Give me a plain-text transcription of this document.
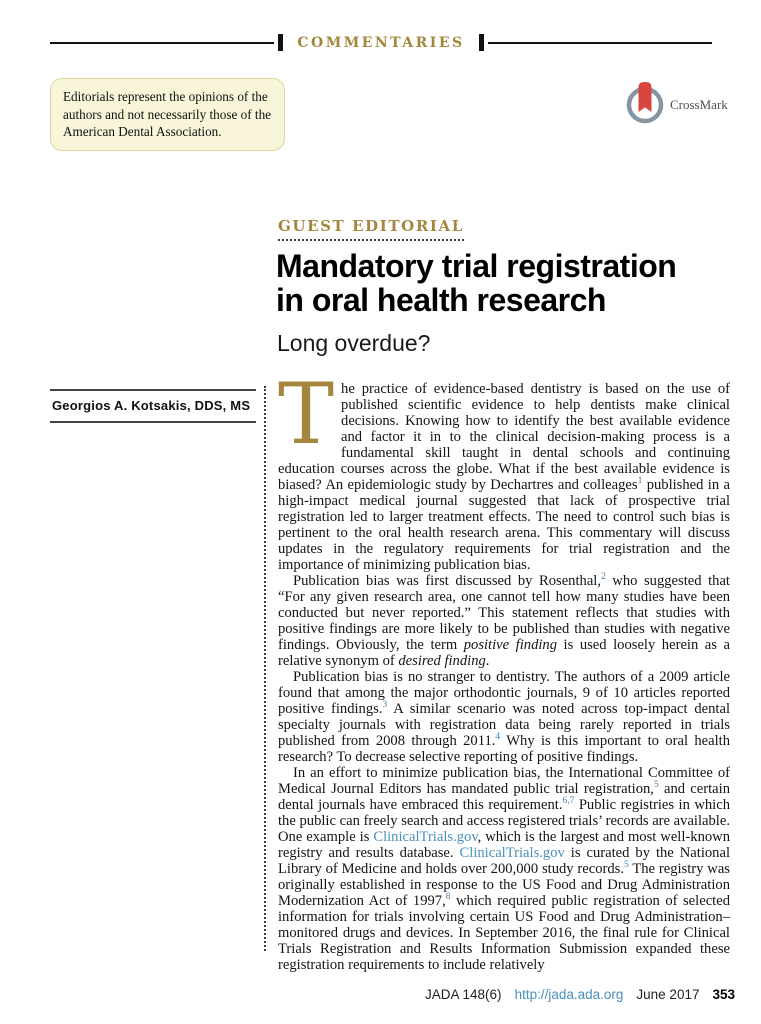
COMMENTARIES
Editorials represent the opinions of the authors and not necessarily those of the American Dental Association.
CrossMark
GUEST EDITORIAL
Mandatory trial registration
in oral health research
Long overdue?
Georgios A. Kotsakis, DDS, MS The practice of evidence-based dentistry is based on the use of published scientific evidence to help dentists make clinical decisions. Knowing how to identify the best available evidence and factor it in to the clinical decision-making process is a fundamental skill taught in dental schools and continuing education courses across the globe. What if the best available evidence is biased? An epidemiologic study by Dechartres and colleages$^1$ published in a high-impact medical journal suggested that lack of prospective trial registration led to larger treatment effects. The need to control such bias is pertinent to the oral health research arena. This commentary will discuss updates in the regulatory requirements for trial registration and the importance of minimizing publication bias.

Publication bias was first discussed by Rosenthal,$^2$ who suggested that “For any given research area, one cannot tell how many studies have been conducted but never reported.” This statement reflects that studies with positive findings are more likely to be published than studies with negative findings. Obviously, the term positive finding is used loosely herein as a relative synonym of desired finding.

Publication bias is no stranger to dentistry. The authors of a 2009 article found that among the major orthodontic journals, 9 of 10 articles reported positive findings.$^3$ A similar scenario was noted across top-impact dental specialty journals with registration data being rarely reported in trials published from 2008 through 2011.$^4$ Why is this important to oral health research? To decrease selective reporting of positive findings.

In an effort to minimize publication bias, the International Committee of Medical Journal Editors has mandated public trial registration,$^5$ and certain dental journals have embraced this requirement.$^{6,7}$ Public registries in which the public can freely search and access registered trials’ records are available. One example is ClinicalTrials.gov, which is the largest and most well-known registry and results database. ClinicalTrials.gov is curated by the National Library of Medicine and holds over 200,000 study records.$^5$ The registry was originally established in response to the US Food and Drug Administration Modernization Act of 1997,$^8$ which required public registration of selected information for trials involving certain US Food and Drug Administration–monitored drugs and devices. In September 2016, the final rule for Clinical Trials Registration and Results Information Submission expanded these registration requirements to include relatively

JADA 148(6) http://jada.ada.org June 2017 353
